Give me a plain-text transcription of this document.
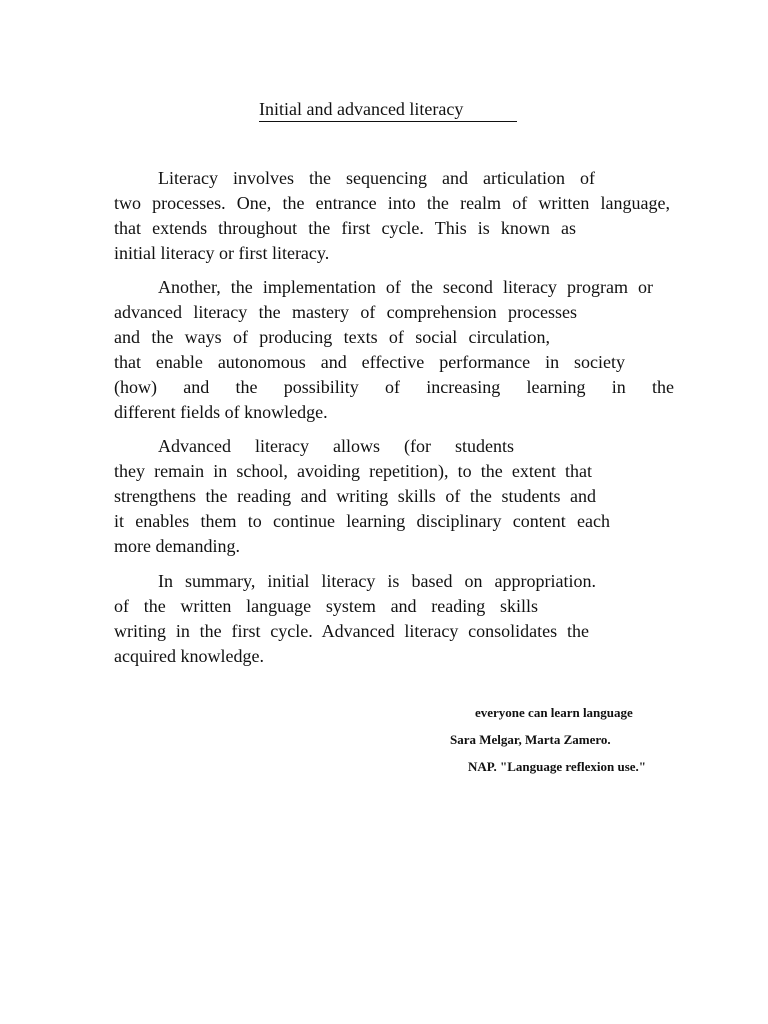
Initial and advanced literacy
Literacy involves the sequencing and articulation of
two processes. One, the entrance into the realm of written language,
that extends throughout the first cycle. This is known as
initial literacy or first literacy.
Another, the implementation of the second literacy program or
advanced literacy the mastery of comprehension processes
and the ways of producing texts of social circulation,
that enable autonomous and effective performance in society
(how) and the possibility of increasing learning in the
different fields of knowledge.
Advanced literacy allows (for students
they remain in school, avoiding repetition), to the extent that
strengthens the reading and writing skills of the students and
it enables them to continue learning disciplinary content each
more demanding.
In summary, initial literacy is based on appropriation.
of the written language system and reading skills
writing in the first cycle. Advanced literacy consolidates the
acquired knowledge.
everyone can learn language
Sara Melgar, Marta Zamero.
NAP. "Language reflexion use."
